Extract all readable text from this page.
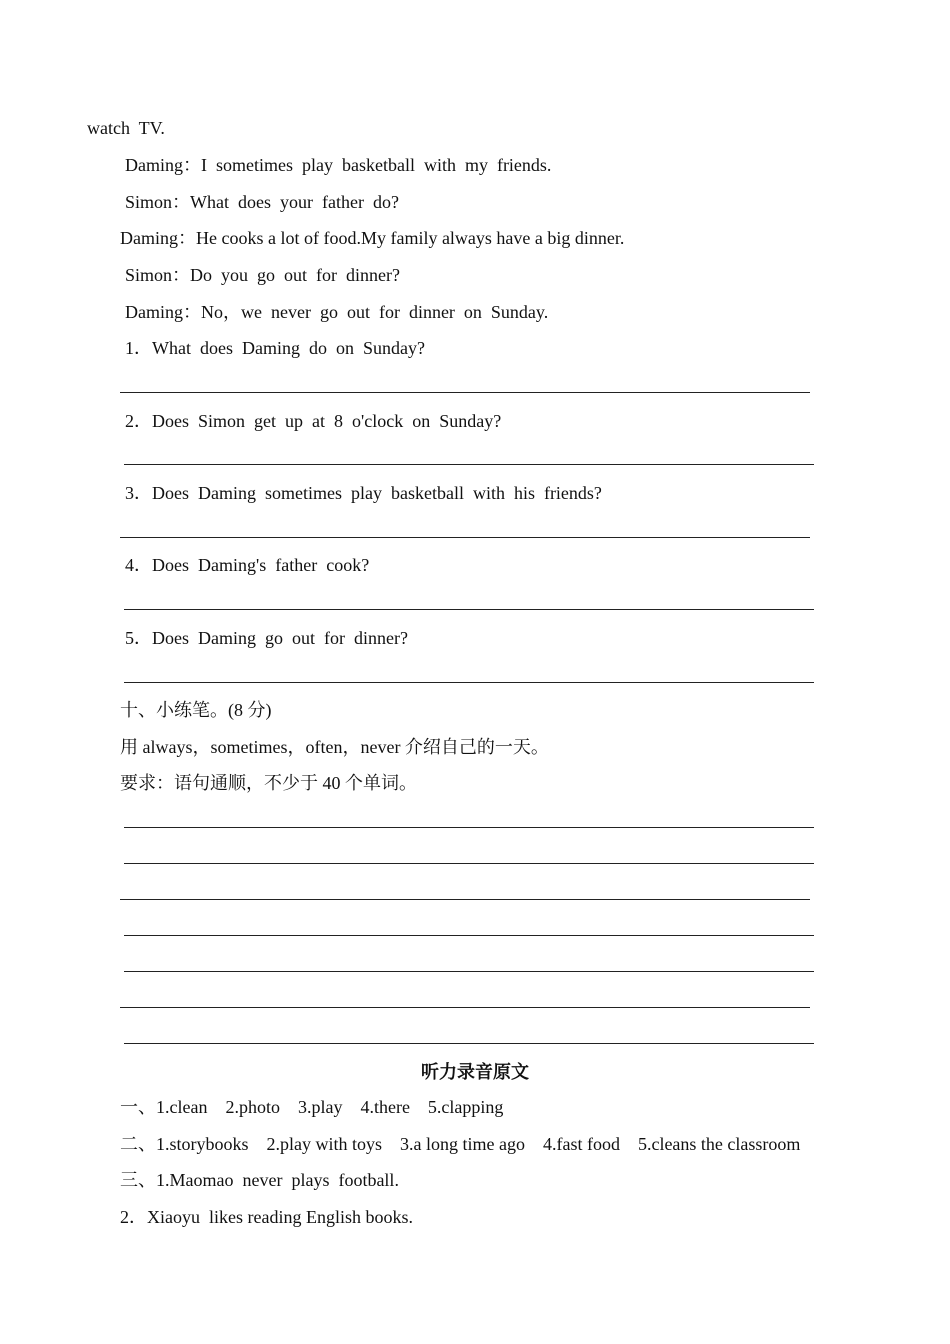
watch  TV.
Daming：I  sometimes  play  basketball  with  my  friends.
Simon：What  does  your  father  do?
Daming：He cooks a lot of food.My family always have a big dinner.
Simon：Do  you  go  out  for  dinner?
Daming：No，we  never  go  out  for  dinner  on  Sunday.
1．What  does  Daming  do  on  Sunday?
2．Does  Simon  get  up  at  8  o'clock  on  Sunday?
3．Does  Daming  sometimes  play  basketball  with  his  friends?
4．Does  Daming's  father  cook?
5．Does  Daming  go  out  for  dinner?
十、小练笔。(8 分)
用 always，sometimes，often，never 介绍自己的一天。
要求：语句通顺，不少于 40 个单词。
听力录音原文
一、1.clean    2.photo    3.play    4.there    5.clapping
二、1.storybooks    2.play with toys    3.a long time ago    4.fast food    5.cleans the classroom
三、1.Maomao  never  plays  football.
2．Xiaoyu  likes reading English books.
